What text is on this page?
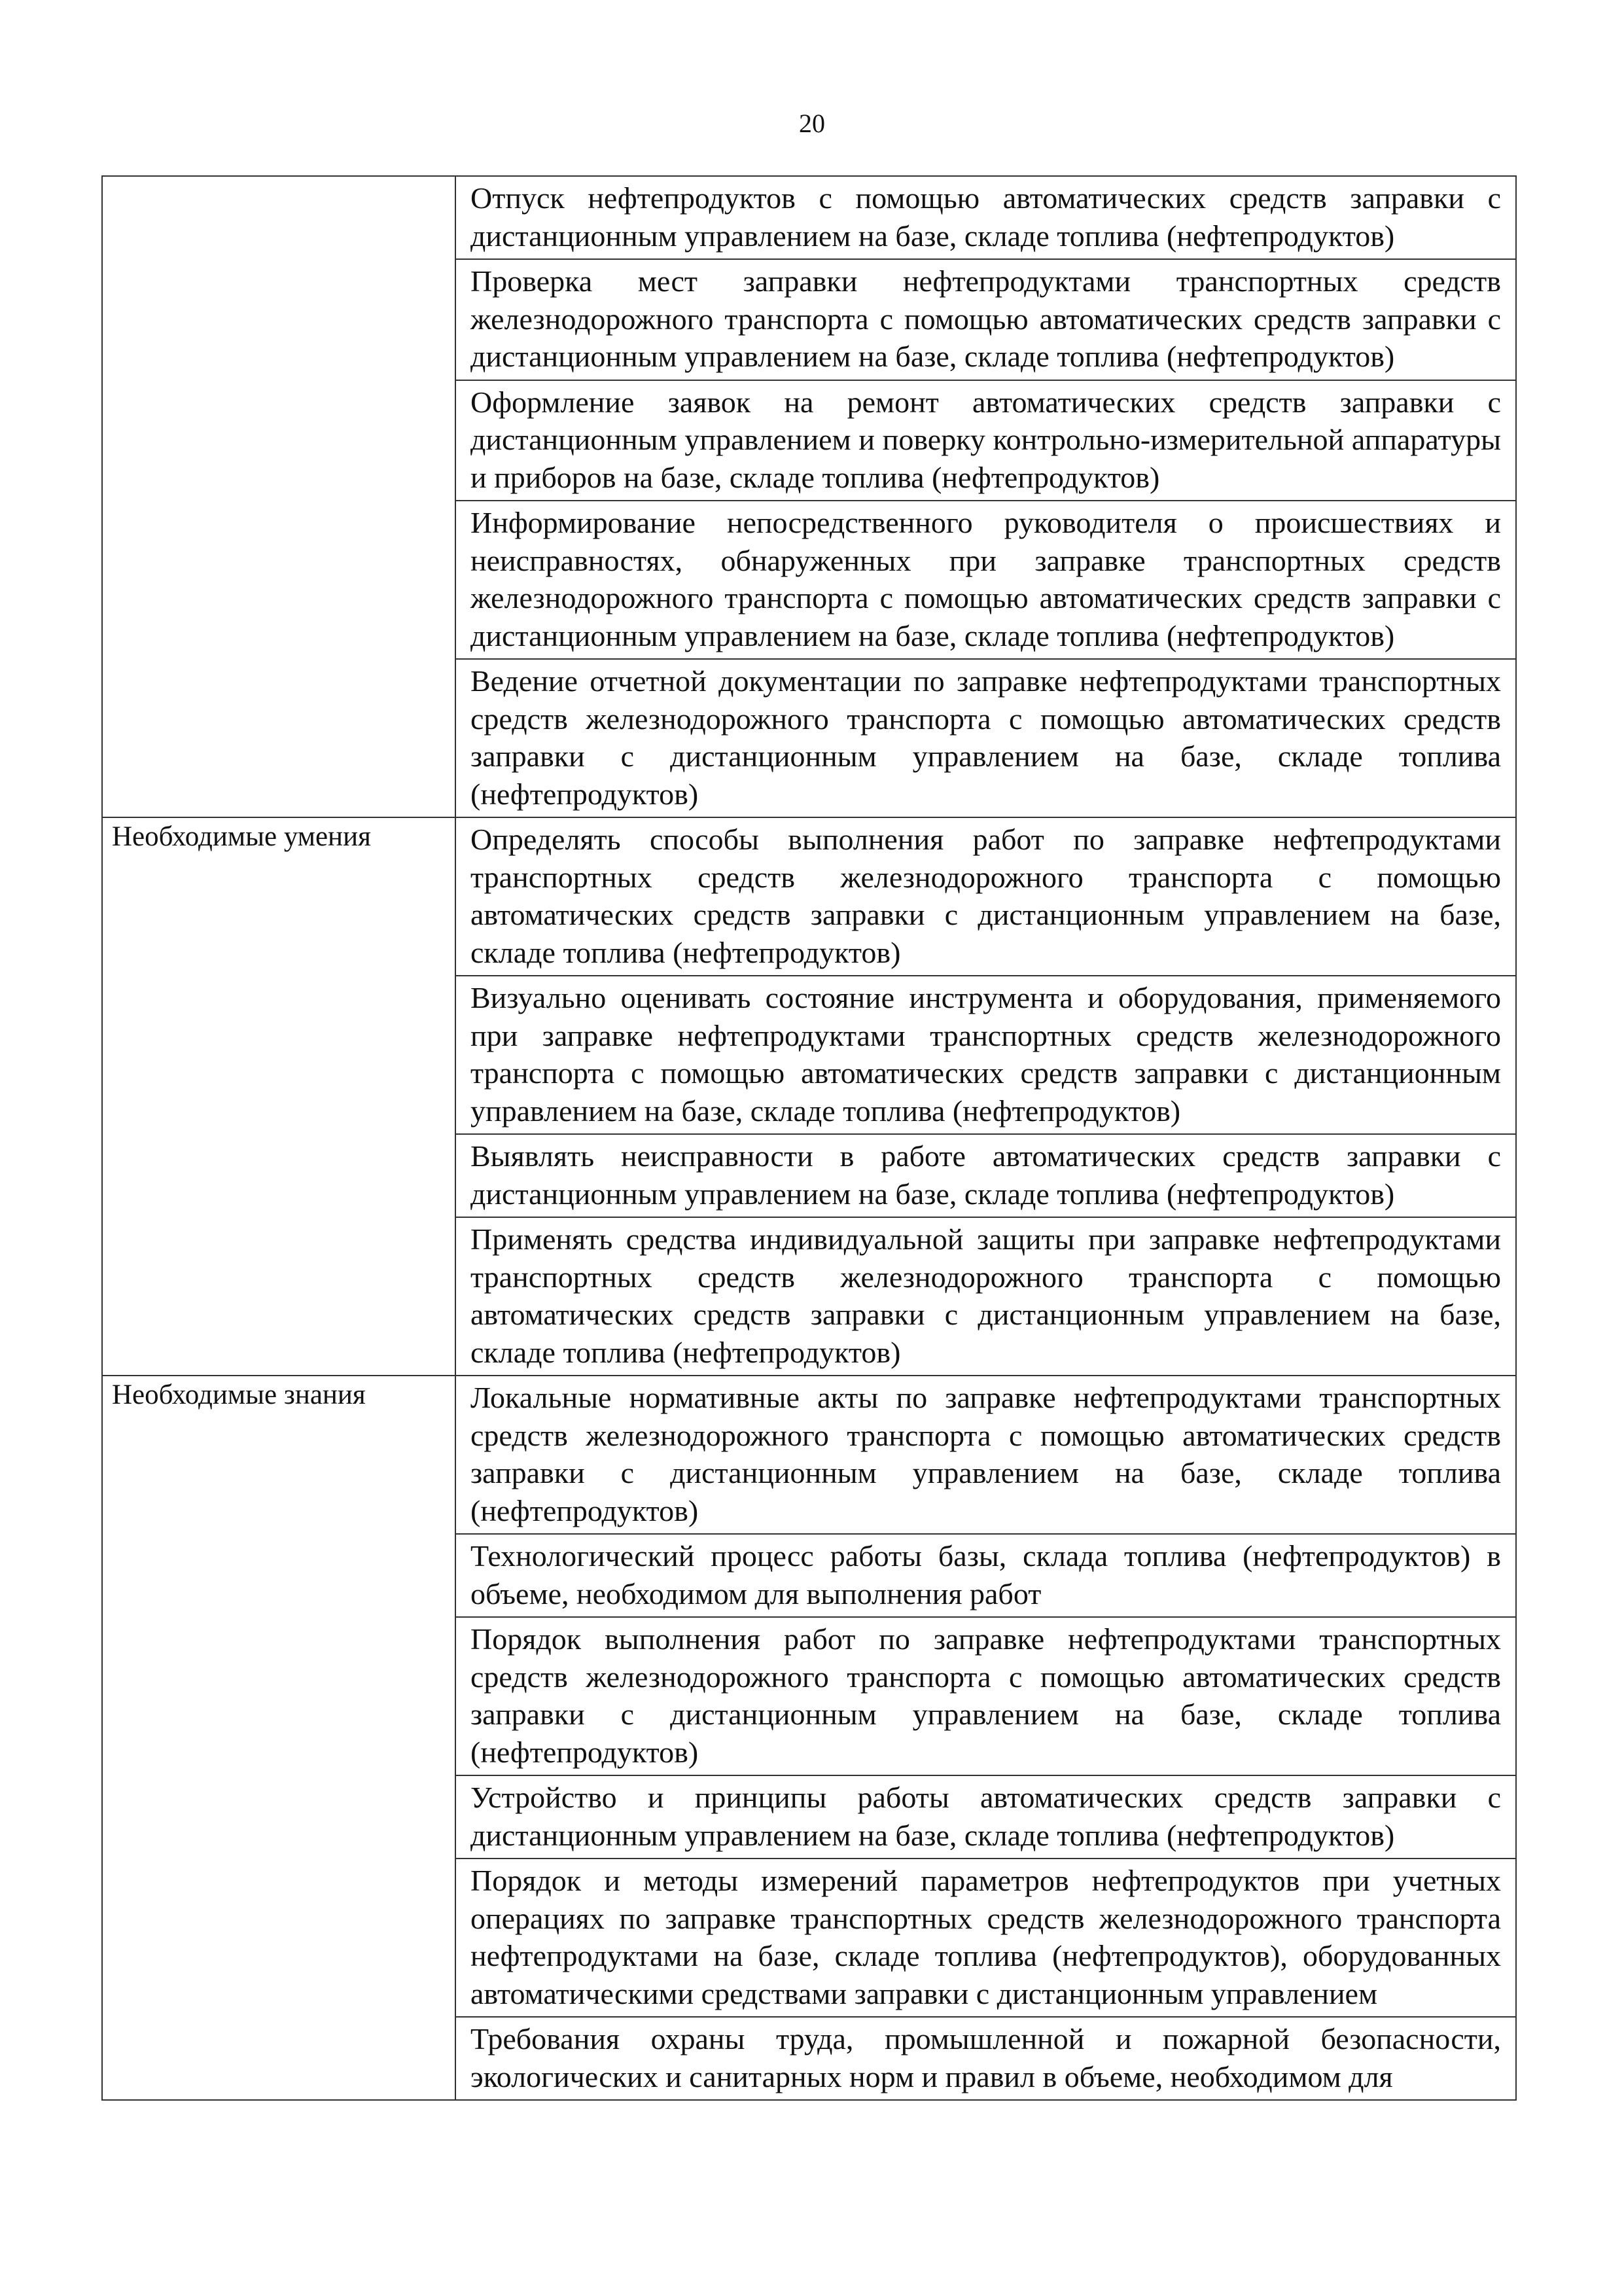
20
	Отпуск нефтепродуктов с помощью автоматических средств заправки с дистанционным управлением на базе, складе топлива (нефтепродуктов)
	Проверка мест заправки нефтепродуктами транспортных средств железнодорожного транспорта с помощью автоматических средств заправки с дистанционным управлением на базе, складе топлива (нефтепродуктов)
	Оформление заявок на ремонт автоматических средств заправки с дистанционным управлением и поверку контрольно-измерительной аппаратуры и приборов на базе, складе топлива (нефтепродуктов)
	Информирование непосредственного руководителя о происшествиях и неисправностях, обнаруженных при заправке транспортных средств железнодорожного транспорта с помощью автоматических средств заправки с дистанционным управлением на базе, складе топлива (нефтепродуктов)
	Ведение отчетной документации по заправке нефтепродуктами транспортных средств железнодорожного транспорта с помощью автоматических средств заправки с дистанционным управлением на базе, складе топлива (нефтепродуктов)

Необходимые умения	Определять способы выполнения работ по заправке нефтепродуктами транспортных средств железнодорожного транспорта с помощью автоматических средств заправки с дистанционным управлением на базе, складе топлива (нефтепродуктов)
	Визуально оценивать состояние инструмента и оборудования, применяемого при заправке нефтепродуктами транспортных средств железнодорожного транспорта с помощью автоматических средств заправки с дистанционным управлением на базе, складе топлива (нефтепродуктов)
	Выявлять неисправности в работе автоматических средств заправки с дистанционным управлением на базе, складе топлива (нефтепродуктов)
	Применять средства индивидуальной защиты при заправке нефтепродуктами транспортных средств железнодорожного транспорта с помощью автоматических средств заправки с дистанционным управлением на базе, складе топлива (нефтепродуктов)

Необходимые знания	Локальные нормативные акты по заправке нефтепродуктами транспортных средств железнодорожного транспорта с помощью автоматических средств заправки с дистанционным управлением на базе, складе топлива (нефтепродуктов)
	Технологический процесс работы базы, склада топлива (нефтепродуктов) в объеме, необходимом для выполнения работ
	Порядок выполнения работ по заправке нефтепродуктами транспортных средств железнодорожного транспорта с помощью автоматических средств заправки с дистанционным управлением на базе, складе топлива (нефтепродуктов)
	Устройство и принципы работы автоматических средств заправки с дистанционным управлением на базе, складе топлива (нефтепродуктов)
	Порядок и методы измерений параметров нефтепродуктов при учетных операциях по заправке транспортных средств железнодорожного транспорта нефтепродуктами на базе, складе топлива (нефтепродуктов), оборудованных автоматическими средствами заправки с дистанционным управлением
	Требования охраны труда, промышленной и пожарной безопасности, экологических и санитарных норм и правил в объеме, необходимом для
